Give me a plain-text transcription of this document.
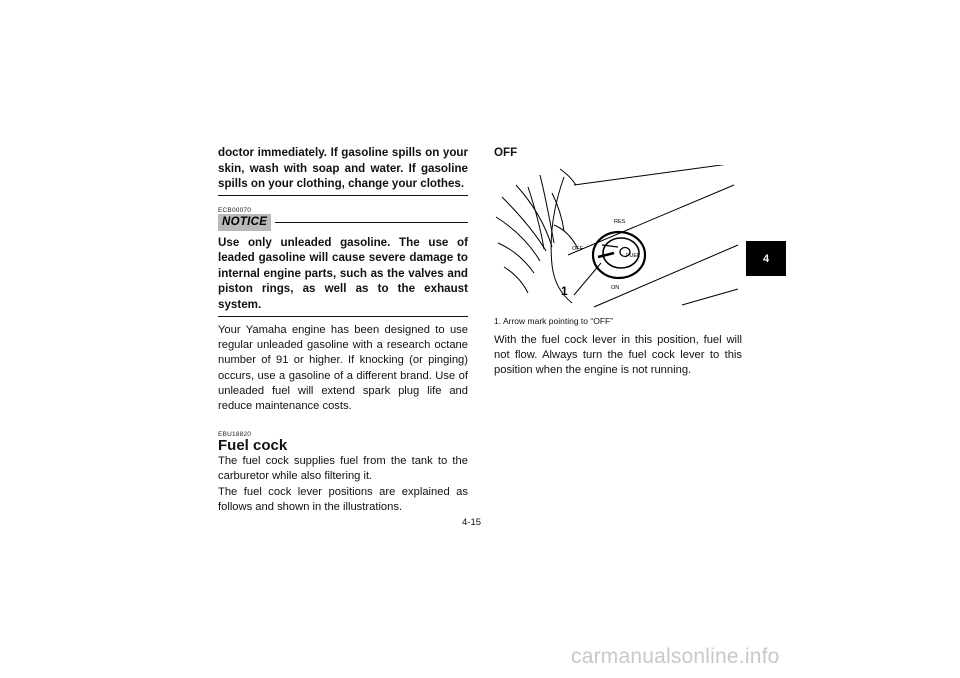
doctor immediately. If gasoline spills on your skin, wash with soap and water. If gasoline spills on your clothing, change your clothes.

ECB00070
NOTICE

Use only unleaded gasoline. The use of leaded gasoline will cause severe damage to internal engine parts, such as the valves and piston rings, as well as to the exhaust system.

Your Yamaha engine has been designed to use regular unleaded gasoline with a research octane number of 91 or higher. If knocking (or pinging) occurs, use a gasoline of a different brand. Use of unleaded fuel will extend spark plug life and reduce maintenance costs.

EBU18820
Fuel cock

The fuel cock supplies fuel from the tank to the carburetor while also filtering it.

The fuel cock lever positions are explained as follows and shown in the illustrations.

OFF
RES
OFF
FUEL
ON
1

1. Arrow mark pointing to “OFF”

With the fuel cock lever in this position, fuel will not flow. Always turn the fuel cock lever to this position when the engine is not running.

4
4-15
carmanualsonline.info
